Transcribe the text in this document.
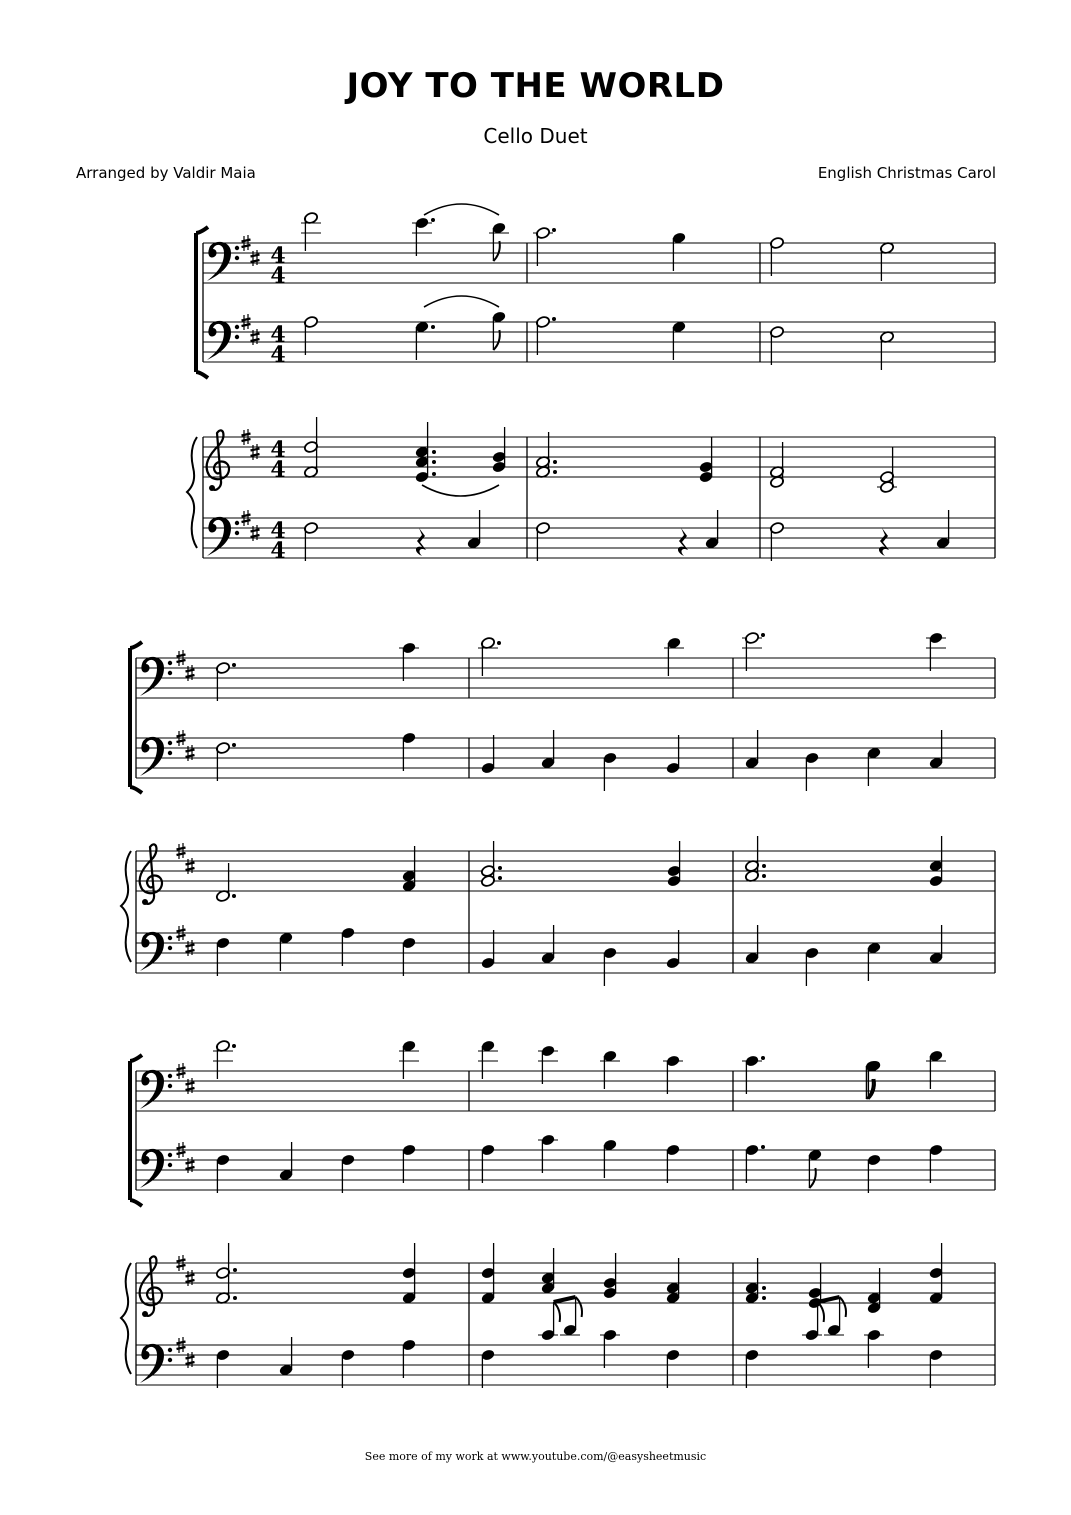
JOY TO THE WORLD
Cello Duet
Arranged by Valdir Maia	English Christmas Carol
4
4
4
4
4
4
4
4
See more of my work at www.youtube.com/@easysheetmusic
